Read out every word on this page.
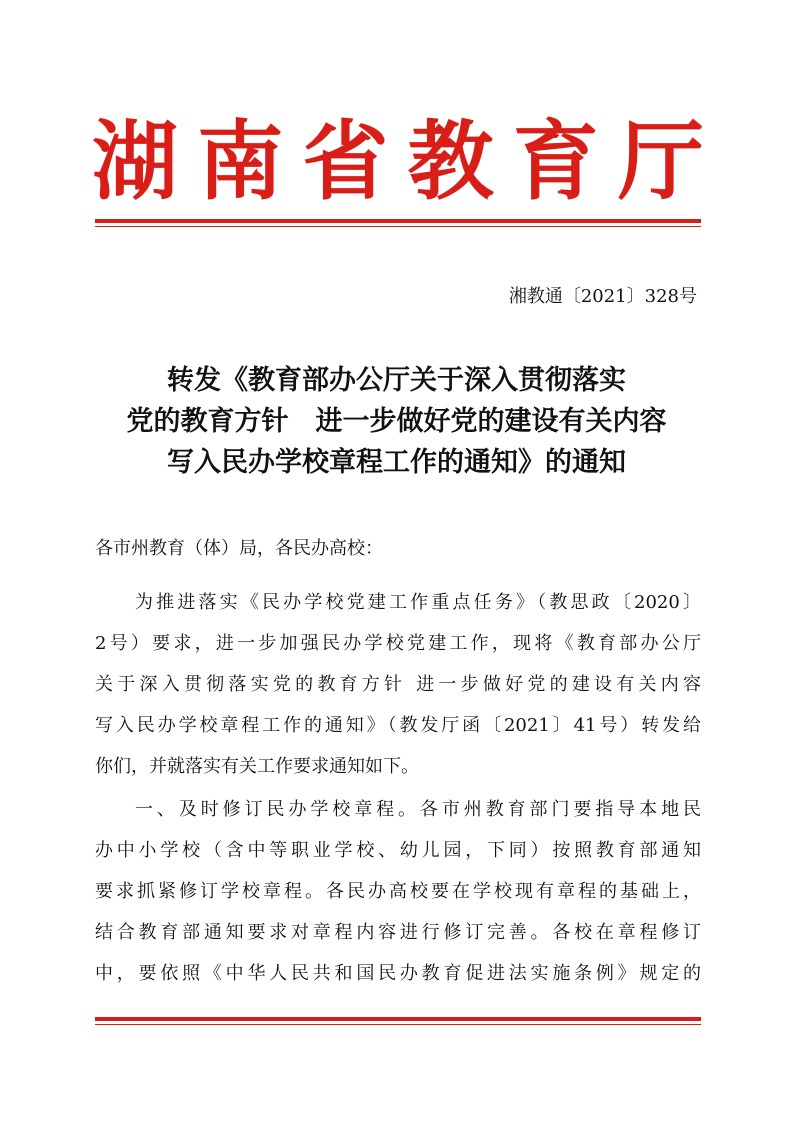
湖 南 省 教 育 厅
湘教通〔2021〕328号
转发《教育部办公厅关于深入贯彻落实
党的教育方针　进一步做好党的建设有关内容
写入民办学校章程工作的通知》的通知
各市州教育（体）局，各民办高校：
为推进落实《民办学校党建工作重点任务》（教思政〔2020〕
2号）要求，进一步加强民办学校党建工作，现将《教育部办公厅
关于深入贯彻落实党的教育方针 进一步做好党的建设有关内容
写入民办学校章程工作的通知》（教发厅函〔2021〕41号）转发给
你们，并就落实有关工作要求通知如下。
一、及时修订民办学校章程。各市州教育部门要指导本地民
办中小学校（含中等职业学校、幼儿园，下同）按照教育部通知
要求抓紧修订学校章程。各民办高校要在学校现有章程的基础上，
结合教育部通知要求对章程内容进行修订完善。各校在章程修订
中，要依照《中华人民共和国民办教育促进法实施条例》规定的
